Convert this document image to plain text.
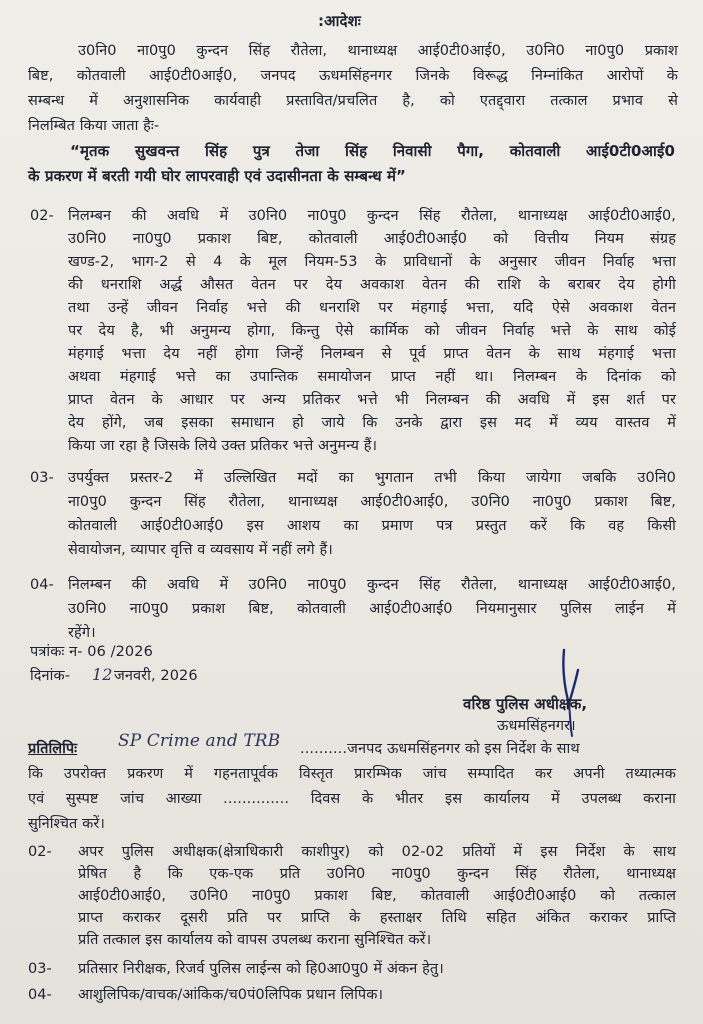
:आदेशः
उ0नि0 ना0पु0 कुन्दन सिंह रौतेला, थानाध्यक्ष आई0टी0आई0, उ0नि0 ना0पु0 प्रकाश
बिष्ट, कोतवाली आई0टी0आई0, जनपद ऊधमसिंहनगर जिनके विरूद्ध निम्नांकित आरोपों के
सम्बन्ध में अनुशासनिक कार्यवाही प्रस्तावित/प्रचलित है, को एतद्द्वारा तत्काल प्रभाव से
निलम्बित किया जाता हैः-
“मृतक सुखवन्त सिंह पुत्र तेजा सिंह निवासी पैगा, कोतवाली आई0टी0आई0
के प्रकरण में बरती गयी घोर लापरवाही एवं उदासीनता के सम्बन्ध में”
02- निलम्बन की अवधि में उ0नि0 ना0पु0 कुन्दन सिंह रौतेला, थानाध्यक्ष आई0टी0आई0,
उ0नि0 ना0पु0 प्रकाश बिष्ट, कोतवाली आई0टी0आई0 को वित्तीय नियम संग्रह
खण्ड-2, भाग-2 से 4 के मूल नियम-53 के प्राविधानों के अनुसार जीवन निर्वाह भत्ता
की धनराशि अर्द्ध औसत वेतन पर देय अवकाश वेतन की राशि के बराबर देय होगी
तथा उन्हें जीवन निर्वाह भत्ते की धनराशि पर मंहगाई भत्ता, यदि ऐसे अवकाश वेतन
पर देय है, भी अनुमन्य होगा, किन्तु ऐसे कार्मिक को जीवन निर्वाह भत्ते के साथ कोई
मंहगाई भत्ता देय नहीं होगा जिन्हें निलम्बन से पूर्व प्राप्त वेतन के साथ मंहगाई भत्ता
अथवा मंहगाई भत्ते का उपान्तिक समायोजन प्राप्त नहीं था। निलम्बन के दिनांक को
प्राप्त वेतन के आधार पर अन्य प्रतिकर भत्ते भी निलम्बन की अवधि में इस शर्त पर
देय होंगे, जब इसका समाधान हो जाये कि उनके द्वारा इस मद में व्यय वास्तव में
किया जा रहा है जिसके लिये उक्त प्रतिकर भत्ते अनुमन्य हैं।
03- उपर्युक्त प्रस्तर-2 में उल्लिखित मदों का भुगतान तभी किया जायेगा जबकि उ0नि0
ना0पु0 कुन्दन सिंह रौतेला, थानाध्यक्ष आई0टी0आई0, उ0नि0 ना0पु0 प्रकाश बिष्ट,
कोतवाली आई0टी0आई0 इस आशय का प्रमाण पत्र प्रस्तुत करें कि वह किसी
सेवायोजन, व्यापार वृत्ति व व्यवसाय में नहीं लगे हैं।
04- निलम्बन की अवधि में उ0नि0 ना0पु0 कुन्दन सिंह रौतेला, थानाध्यक्ष आई0टी0आई0,
उ0नि0 ना0पु0 प्रकाश बिष्ट, कोतवाली आई0टी0आई0 नियमानुसार पुलिस लाईन में
रहेंगे।
पत्रांकः न- 06 /2026
दिनांक- 12 जनवरी, 2026
वरिष्ठ पुलिस अधीक्षक,
ऊधमसिंहनगर।
प्रतिलिपिः SP Crime and TRB ..........जनपद ऊधमसिंहनगर को इस निर्देश के साथ
कि उपरोक्त प्रकरण में गहनतापूर्वक विस्तृत प्रारम्भिक जांच सम्पादित कर अपनी तथ्यात्मक
एवं सुस्पष्ट जांच आख्या .............. दिवस के भीतर इस कार्यालय में उपलब्ध कराना
सुनिश्चित करें।
02- अपर पुलिस अधीक्षक(क्षेत्राधिकारी काशीपुर) को 02-02 प्रतियों में इस निर्देश के साथ
प्रेषित है कि एक-एक प्रति उ0नि0 ना0पु0 कुन्दन सिंह रौतेला, थानाध्यक्ष
आई0टी0आई0, उ0नि0 ना0पु0 प्रकाश बिष्ट, कोतवाली आई0टी0आई0 को तत्काल
प्राप्त कराकर दूसरी प्रति पर प्राप्ति के हस्ताक्षर तिथि सहित अंकित कराकर प्राप्ति
प्रति तत्काल इस कार्यालय को वापस उपलब्ध कराना सुनिश्चित करें।
03- प्रतिसार निरीक्षक, रिजर्व पुलिस लाईन्स को हि0आ0पु0 में अंकन हेतु।
04- आशुलिपिक/वाचक/आंकिक/च0पं0लिपिक प्रधान लिपिक।
